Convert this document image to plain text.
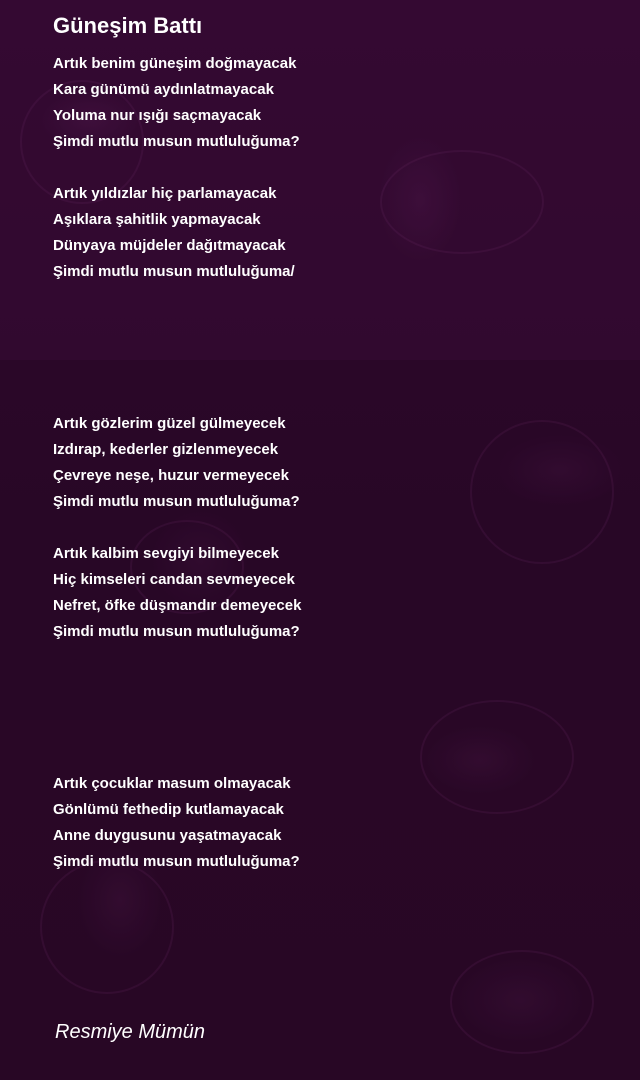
Güneşim Battı
Artık benim güneşim doğmayacak
Kara günümü aydınlatmayacak
Yoluma nur ışığı saçmayacak
Şimdi mutlu musun mutluluğuma?
Artık yıldızlar hiç parlamayacak
Aşıklara şahitlik yapmayacak
Dünyaya müjdeler dağıtmayacak
Şimdi mutlu musun mutluluğuma/
Artık gözlerim güzel gülmeyecek
Izdırap, kederler gizlenmeyecek
Çevreye neşe, huzur vermeyecek
Şimdi mutlu musun mutluluğuma?
Artık kalbim sevgiyi bilmeyecek
Hiç kimseleri candan sevmeyecek
Nefret, öfke düşmandır demeyecek
Şimdi mutlu musun mutluluğuma?
Artık çocuklar masum olmayacak
Gönlümü fethedip kutlamayacak
Anne duygusunu yaşatmayacak
Şimdi mutlu musun mutluluğuma?

Resmiye Mümün
